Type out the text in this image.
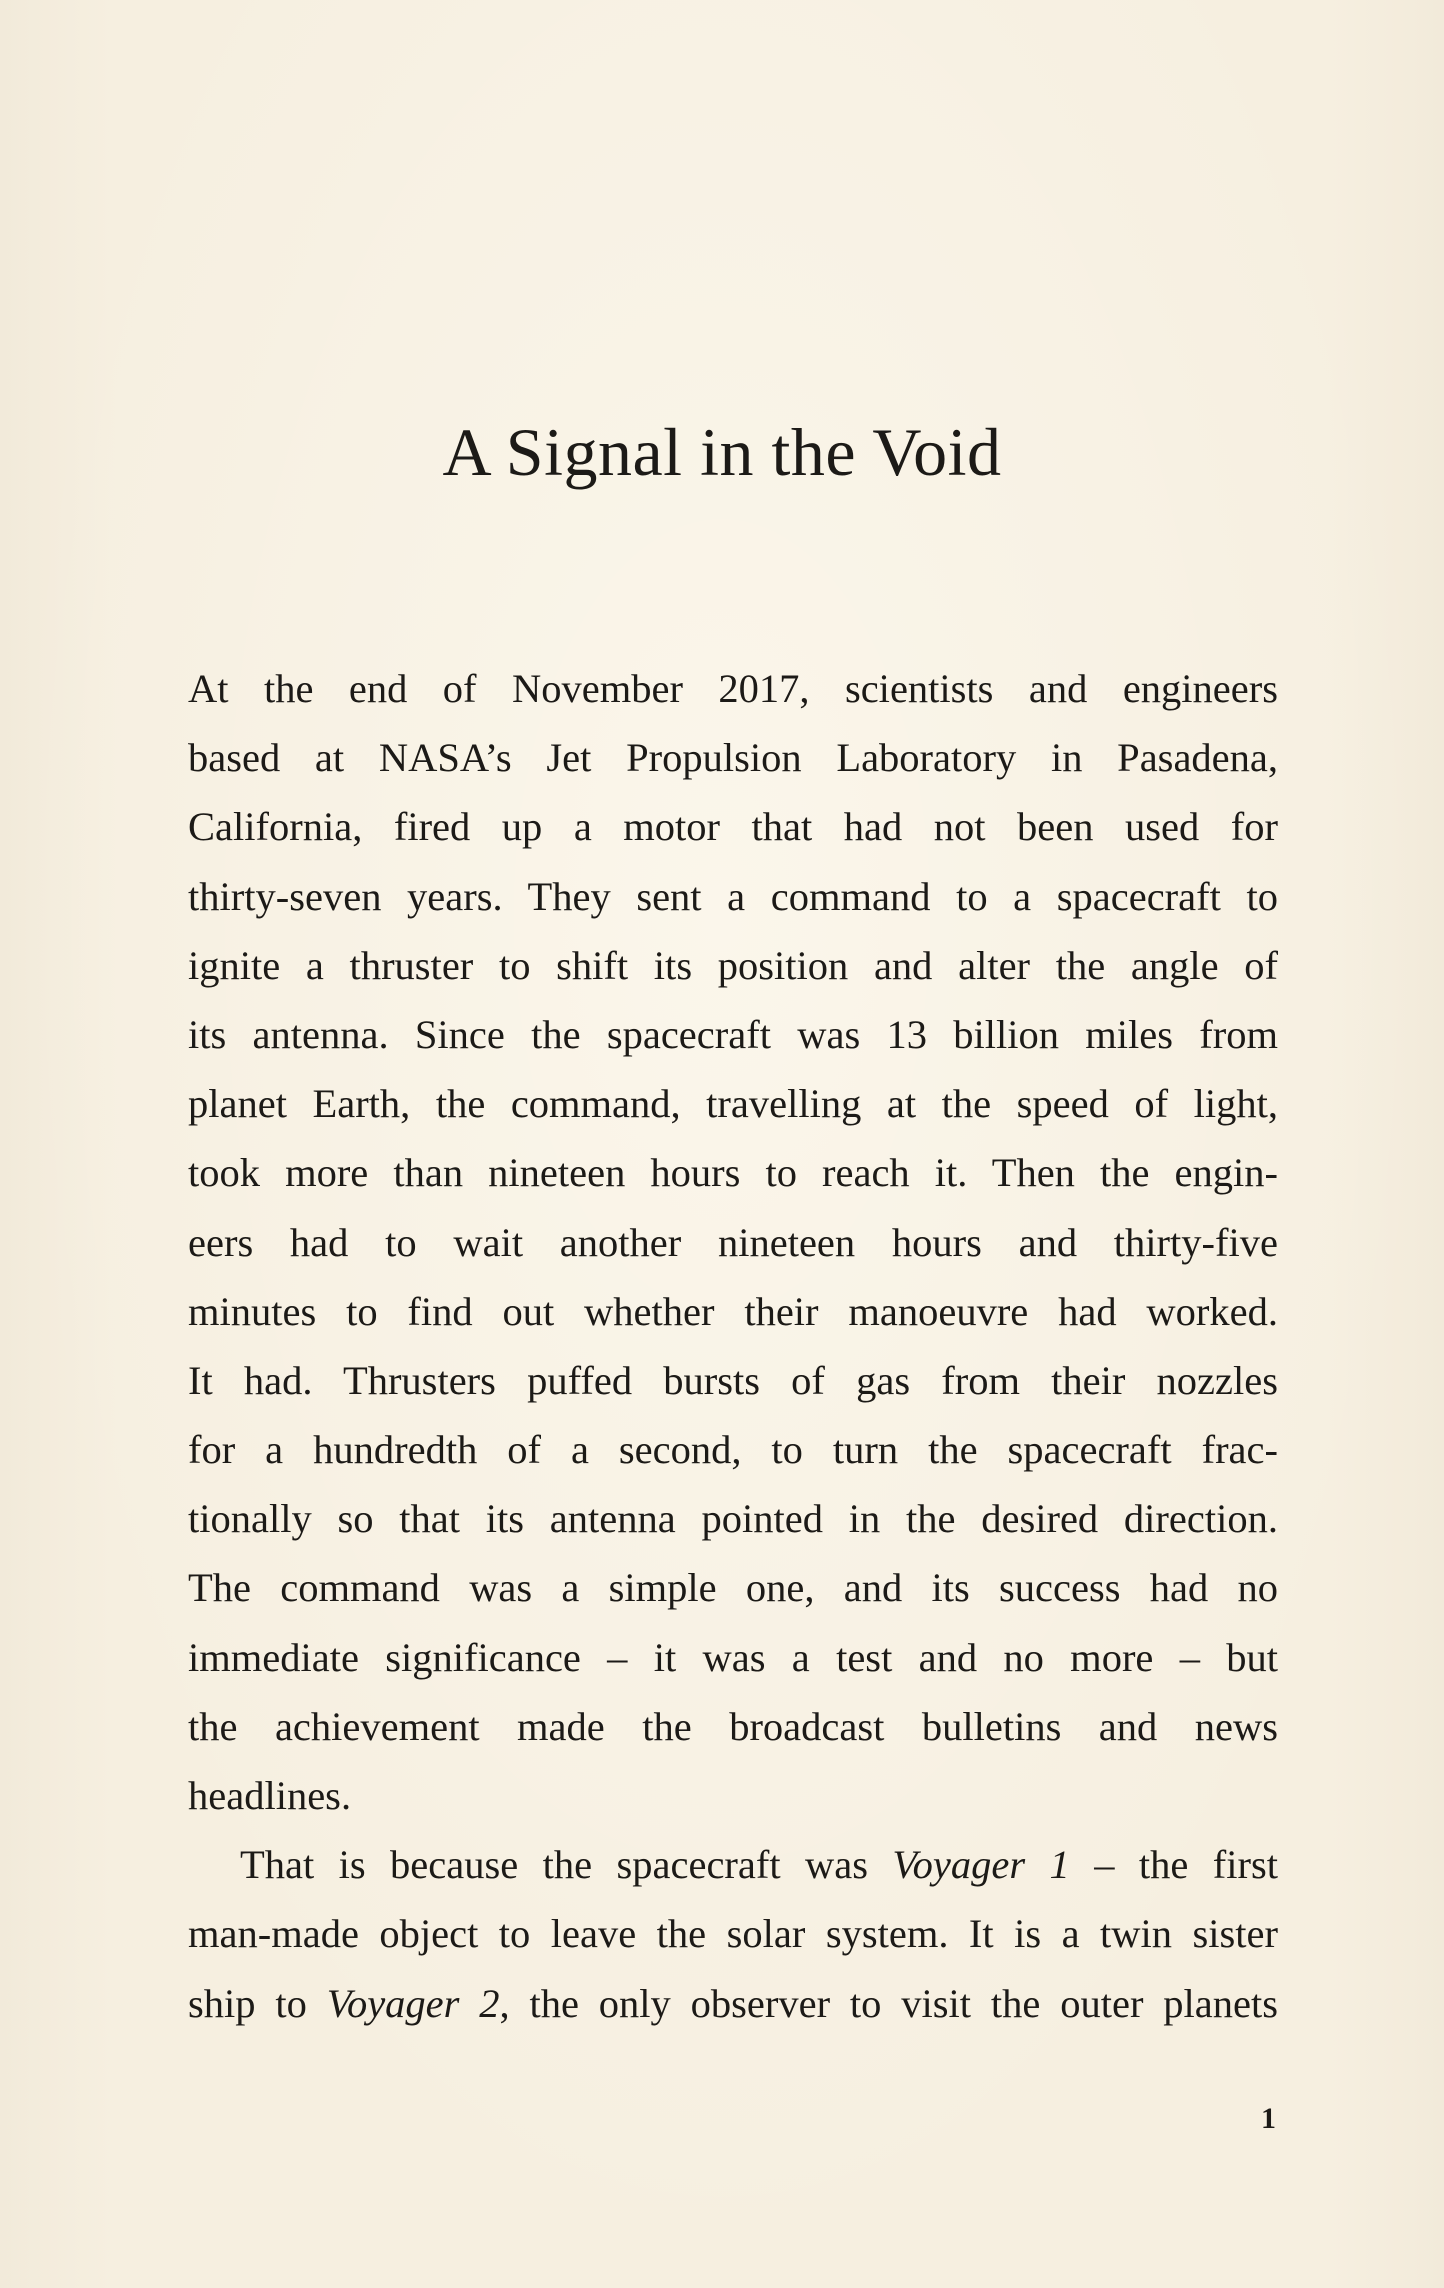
A Signal in the Void
At the end of November 2017, scientists and engineers
based at NASA’s Jet Propulsion Laboratory in Pasadena,
California, fired up a motor that had not been used for
thirty-seven years. They sent a command to a spacecraft to
ignite a thruster to shift its position and alter the angle of
its antenna. Since the spacecraft was 13 billion miles from
planet Earth, the command, travelling at the speed of light,
took more than nineteen hours to reach it. Then the engin-
eers had to wait another nineteen hours and thirty-five
minutes to find out whether their manoeuvre had worked.
It had. Thrusters puffed bursts of gas from their nozzles
for a hundredth of a second, to turn the spacecraft frac-
tionally so that its antenna pointed in the desired direction.
The command was a simple one, and its success had no
immediate significance – it was a test and no more – but
the achievement made the broadcast bulletins and news
headlines.
That is because the spacecraft was Voyager 1 – the first
man-made object to leave the solar system. It is a twin sister
ship to Voyager 2, the only observer to visit the outer planets
1
